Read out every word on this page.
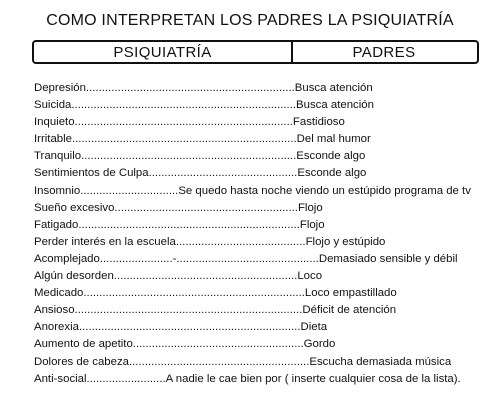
COMO INTERPRETAN LOS PADRES LA PSIQUIATRÍA
PSIQUIATRÍA	PADRES
Depresión..................................................................Busca atención
Suicida.......................................................................Busca atención
Inquieto.....................................................................Fastidioso
Irritable.......................................................................Del mal humor
Tranquilo....................................................................Esconde algo
Sentimientos de Culpa...............................................Esconde algo
Insomnio...............................Se quedo hasta noche viendo un estúpido programa de tv
Sueño excesivo..........................................................Flojo
Fatigado......................................................................Flojo
Perder interés en la escuela.........................................Flojo y estúpido
Acomplejado.......................-.............................................Demasiado sensible y débil
Algún desorden..........................................................Loco
Medicado......................................................................Loco empastillado
Ansioso........................................................................Déficit de atención
Anorexia......................................................................Dieta
Aumento de apetito......................................................Gordo
Dolores de cabeza.........................................................Escucha demasiada música
Anti-social.........................A nadie le cae bien por ( inserte cualquier cosa de la lista).
